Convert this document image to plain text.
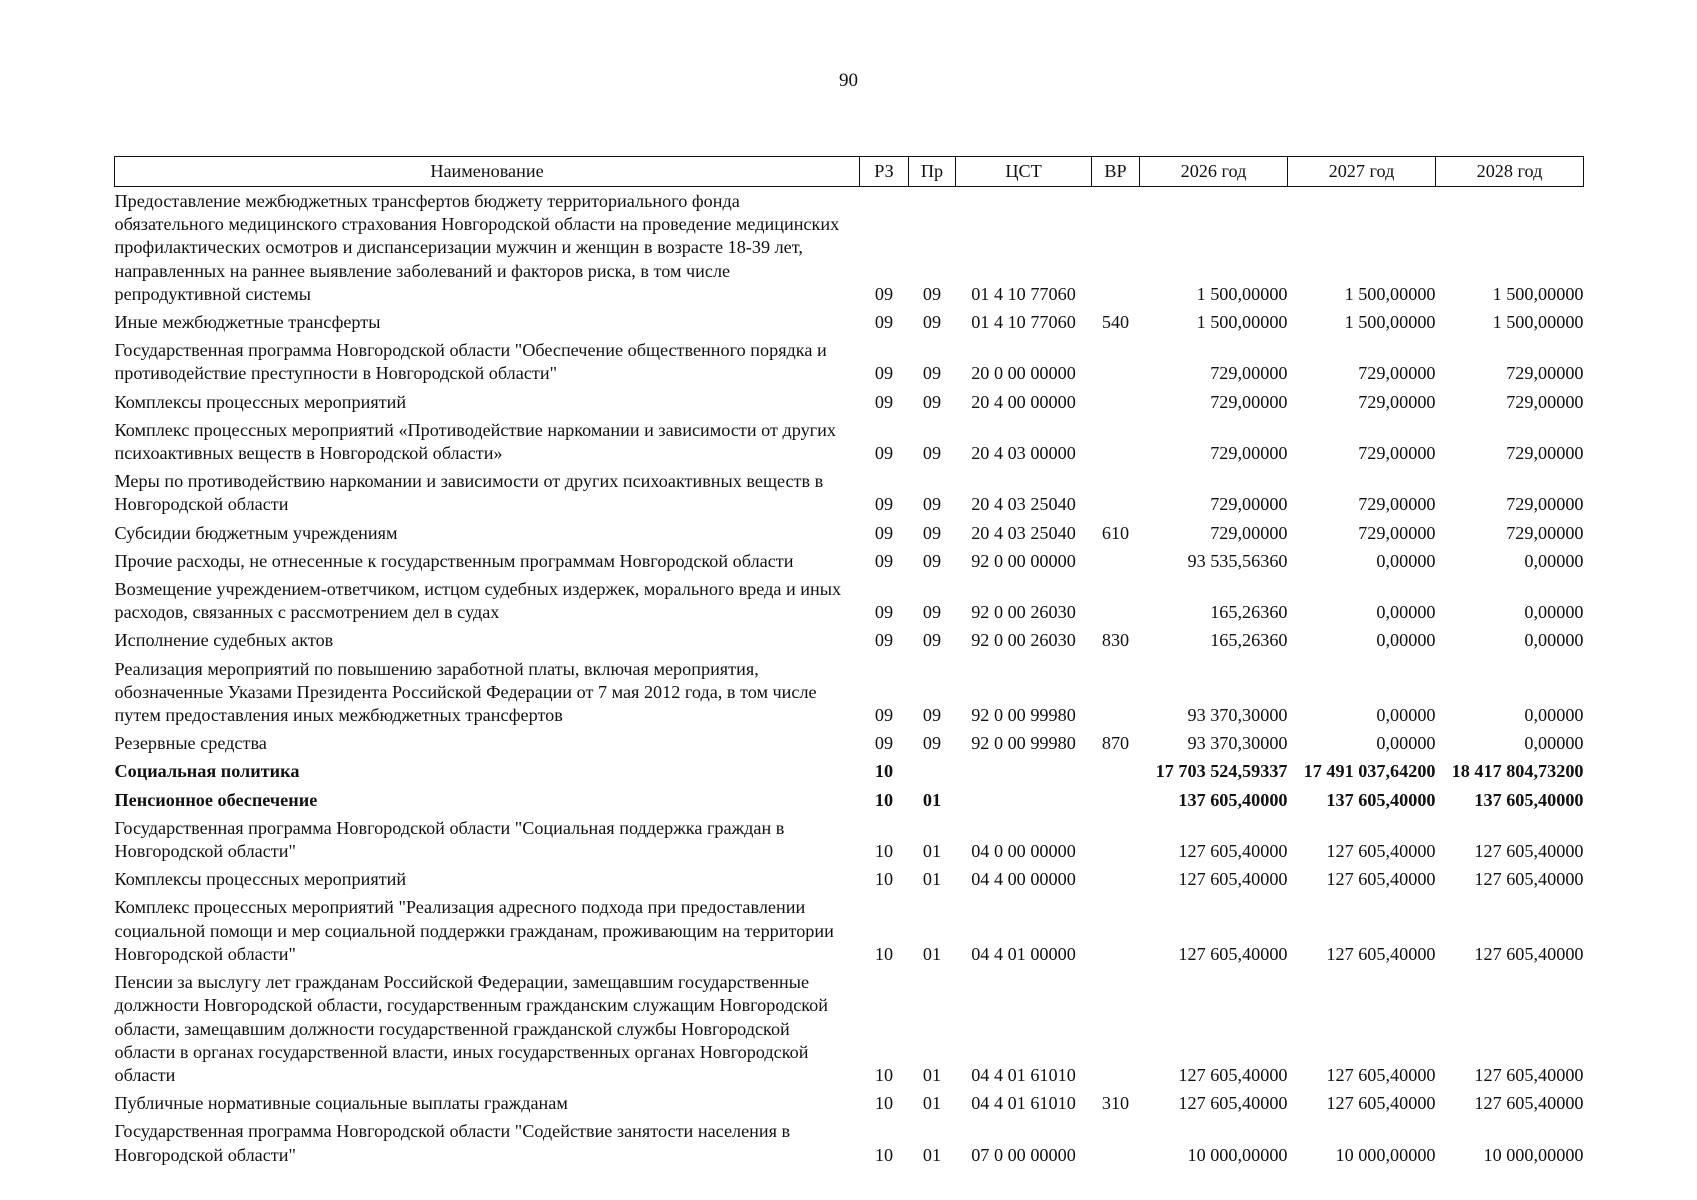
90
Наименование	РЗ	Пр	ЦСТ	ВР	2026 год	2027 год	2028 год
Предоставление межбюджетных трансфертов бюджету территориального фонда обязательного медицинского страхования Новгородской области на проведение медицинских профилактических осмотров и диспансеризации мужчин и женщин в возрасте 18-39 лет, направленных на раннее выявление заболеваний и факторов риска, в том числе репродуктивной системы	09	09	01 4 10 77060		1 500,00000	1 500,00000	1 500,00000
Иные межбюджетные трансферты	09	09	01 4 10 77060	540	1 500,00000	1 500,00000	1 500,00000
Государственная программа Новгородской области "Обеспечение общественного порядка и противодействие преступности в Новгородской области"	09	09	20 0 00 00000		729,00000	729,00000	729,00000
Комплексы процессных мероприятий	09	09	20 4 00 00000		729,00000	729,00000	729,00000
Комплекс процессных мероприятий «Противодействие наркомании и зависимости от других психоактивных веществ в Новгородской области»	09	09	20 4 03 00000		729,00000	729,00000	729,00000
Меры по противодействию наркомании и зависимости от других психоактивных веществ в Новгородской области	09	09	20 4 03 25040		729,00000	729,00000	729,00000
Субсидии бюджетным учреждениям	09	09	20 4 03 25040	610	729,00000	729,00000	729,00000
Прочие расходы, не отнесенные к государственным программам Новгородской области	09	09	92 0 00 00000		93 535,56360	0,00000	0,00000
Возмещение учреждением-ответчиком, истцом судебных издержек, морального вреда и иных расходов, связанных с рассмотрением дел в судах	09	09	92 0 00 26030		165,26360	0,00000	0,00000
Исполнение судебных актов	09	09	92 0 00 26030	830	165,26360	0,00000	0,00000
Реализация мероприятий по повышению заработной платы, включая мероприятия, обозначенные Указами Президента Российской Федерации от 7 мая 2012 года, в том числе путем предоставления иных межбюджетных трансфертов	09	09	92 0 00 99980		93 370,30000	0,00000	0,00000
Резервные средства	09	09	92 0 00 99980	870	93 370,30000	0,00000	0,00000
Социальная политика	10				17 703 524,59337	17 491 037,64200	18 417 804,73200
Пенсионное обеспечение	10	01			137 605,40000	137 605,40000	137 605,40000
Государственная программа Новгородской области "Социальная поддержка граждан в Новгородской области"	10	01	04 0 00 00000		127 605,40000	127 605,40000	127 605,40000
Комплексы процессных мероприятий	10	01	04 4 00 00000		127 605,40000	127 605,40000	127 605,40000
Комплекс процессных мероприятий "Реализация адресного подхода при предоставлении социальной помощи и мер социальной поддержки гражданам, проживающим на территории Новгородской области"	10	01	04 4 01 00000		127 605,40000	127 605,40000	127 605,40000
Пенсии за выслугу лет гражданам Российской Федерации, замещавшим государственные должности Новгородской области, государственным гражданским служащим Новгородской области, замещавшим должности государственной гражданской службы Новгородской области в органах государственной власти, иных государственных органах Новгородской области	10	01	04 4 01 61010		127 605,40000	127 605,40000	127 605,40000
Публичные нормативные социальные выплаты гражданам	10	01	04 4 01 61010	310	127 605,40000	127 605,40000	127 605,40000
Государственная программа Новгородской области "Содействие занятости населения в Новгородской области"	10	01	07 0 00 00000		10 000,00000	10 000,00000	10 000,00000
